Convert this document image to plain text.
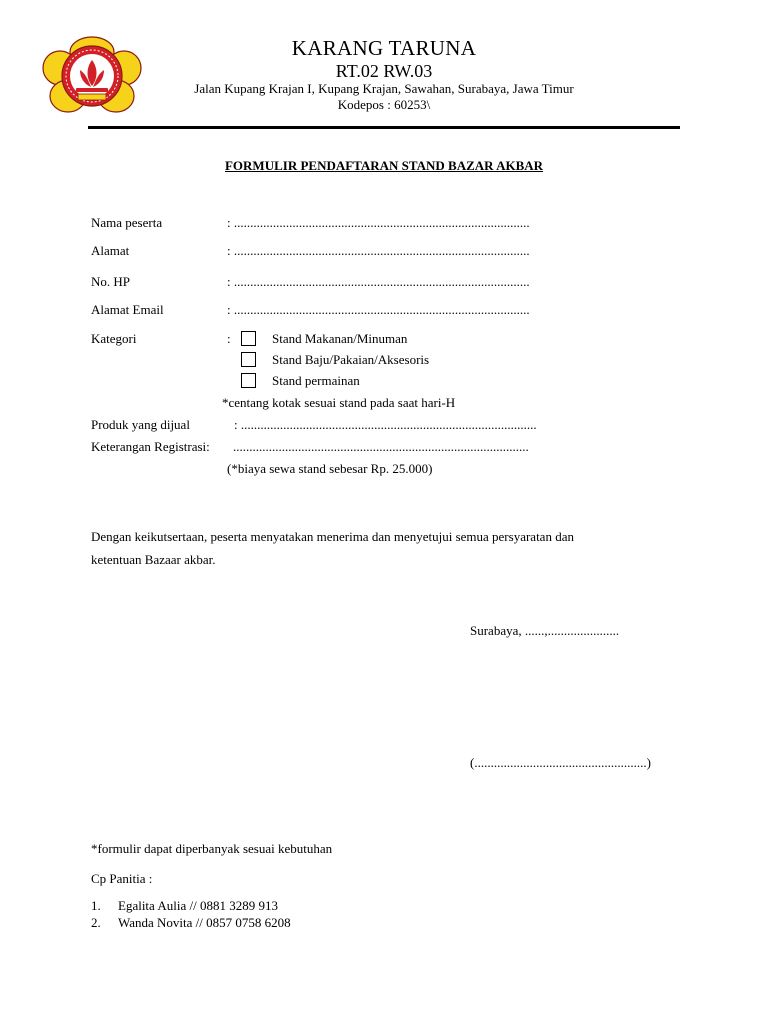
KARANG TARUNA
RT.02 RW.03
Jalan Kupang Krajan I, Kupang Krajan, Sawahan, Surabaya, Jawa Timur
Kodepos : 60253\
FORMULIR PENDAFTARAN STAND BAZAR AKBAR
Nama peserta	: ...........................................................................................
Alamat	: ...........................................................................................
No. HP	: ...........................................................................................
Alamat Email	: ...........................................................................................
Kategori	:	Stand Makanan/Minuman
Stand Baju/Pakaian/Aksesoris
Stand permainan
*centang kotak sesuai stand pada saat hari-H
Produk yang dijual	: ...........................................................................................
Keterangan Registrasi: ...........................................................................................
(*biaya sewa stand sebesar Rp. 25.000)
Dengan keikutsertaan, peserta menyatakan menerima dan menyetujui semua persyaratan dan
ketentuan Bazaar akbar.
Surabaya, ......,......................
(.....................................................)
*formulir dapat diperbanyak sesuai kebutuhan
Cp Panitia :
1. Egalita Aulia // 0881 3289 913
2. Wanda Novita // 0857 0758 6208
